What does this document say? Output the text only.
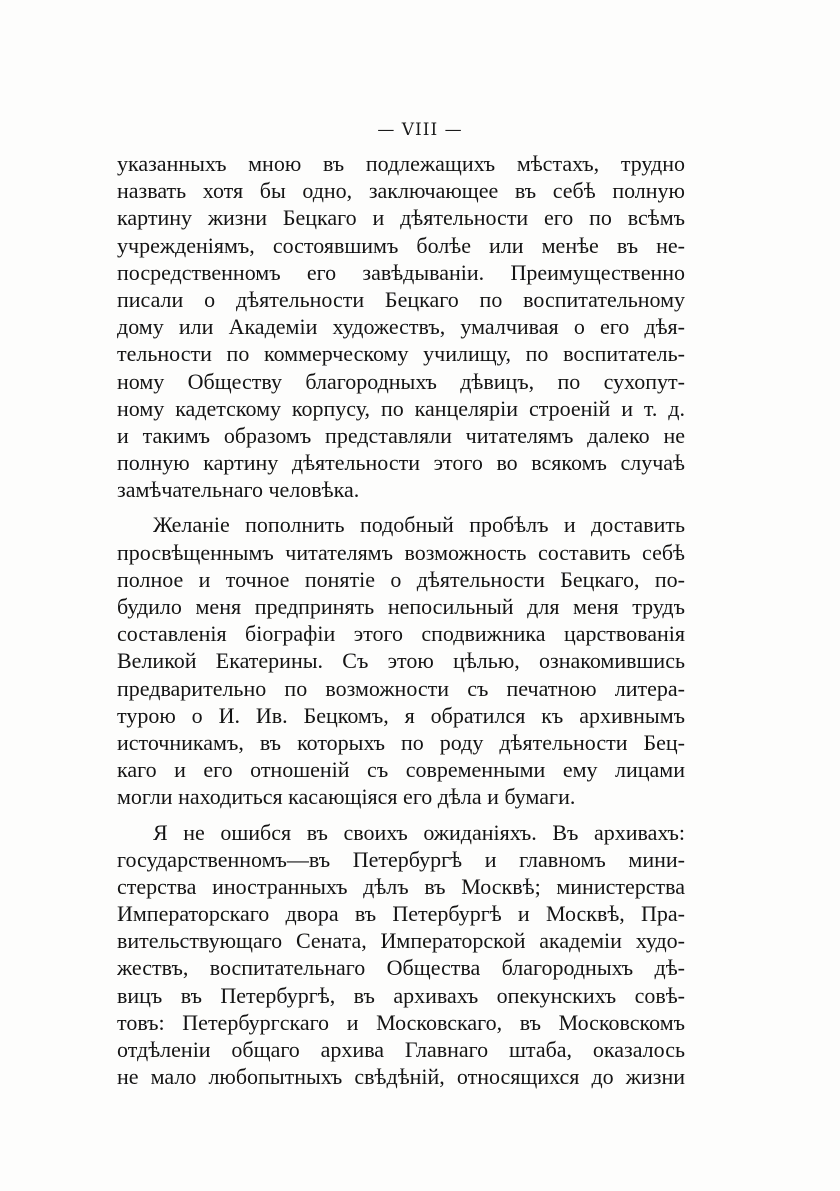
— VIII —
указанныхъ мною въ подлежащихъ мѣстахъ, трудно
назвать хотя бы одно, заключающее въ себѣ полную
картину жизни Бецкаго и дѣятельности его по всѣмъ
учрежденiямъ, состоявшимъ болѣе или менѣе въ не-
посредственномъ его завѣдываніи. Преимущественно
писали о дѣятельности Бецкаго по воспитательному
дому или Академіи художествъ, умалчивая о его дѣя-
тельности по коммерческому училищу, по воспитатель-
ному Обществу благородныхъ дѣвицъ, по сухопут-
ному кадетскому корпусу, по канцеляріи строеній и т. д.
и такимъ образомъ представляли читателямъ далеко не
полную картину дѣятельности этого во всякомъ случаѣ
замѣчательнаго человѣка.
Желаніе пополнить подобный пробѣлъ и доставить
просвѣщеннымъ читателямъ возможность составить себѣ
полное и точное понятіе о дѣятельности Бецкаго, по-
будило меня предпринять непосильный для меня трудъ
составленія біографіи этого сподвижника царствованія
Великой Екатерины. Съ этою цѣлью, ознакомившись
предварительно по возможности съ печатною литера-
турою о И. Ив. Бецкомъ, я обратился къ архивнымъ
источникамъ, въ которыхъ по роду дѣятельности Бец-
каго и его отношеній съ современными ему лицами
могли находиться касающіяся его дѣла и бумаги.
Я не ошибся въ своихъ ожиданіяхъ. Въ архивахъ:
государственномъ—въ Петербургѣ и главномъ мини-
стерства иностранныхъ дѣлъ въ Москвѣ; министерства
Императорскаго двора въ Петербургѣ и Москвѣ, Пра-
вительствующаго Сената, Императорской академіи худо-
жествъ, воспитательнаго Общества благородныхъ дѣ-
вицъ въ Петербургѣ, въ архивахъ опекунскихъ совѣ-
товъ: Петербургскаго и Московскаго, въ Московскомъ
отдѣленіи общаго архива Главнаго штаба, оказалось
не мало любопытныхъ свѣдѣній, относящихся до жизни
